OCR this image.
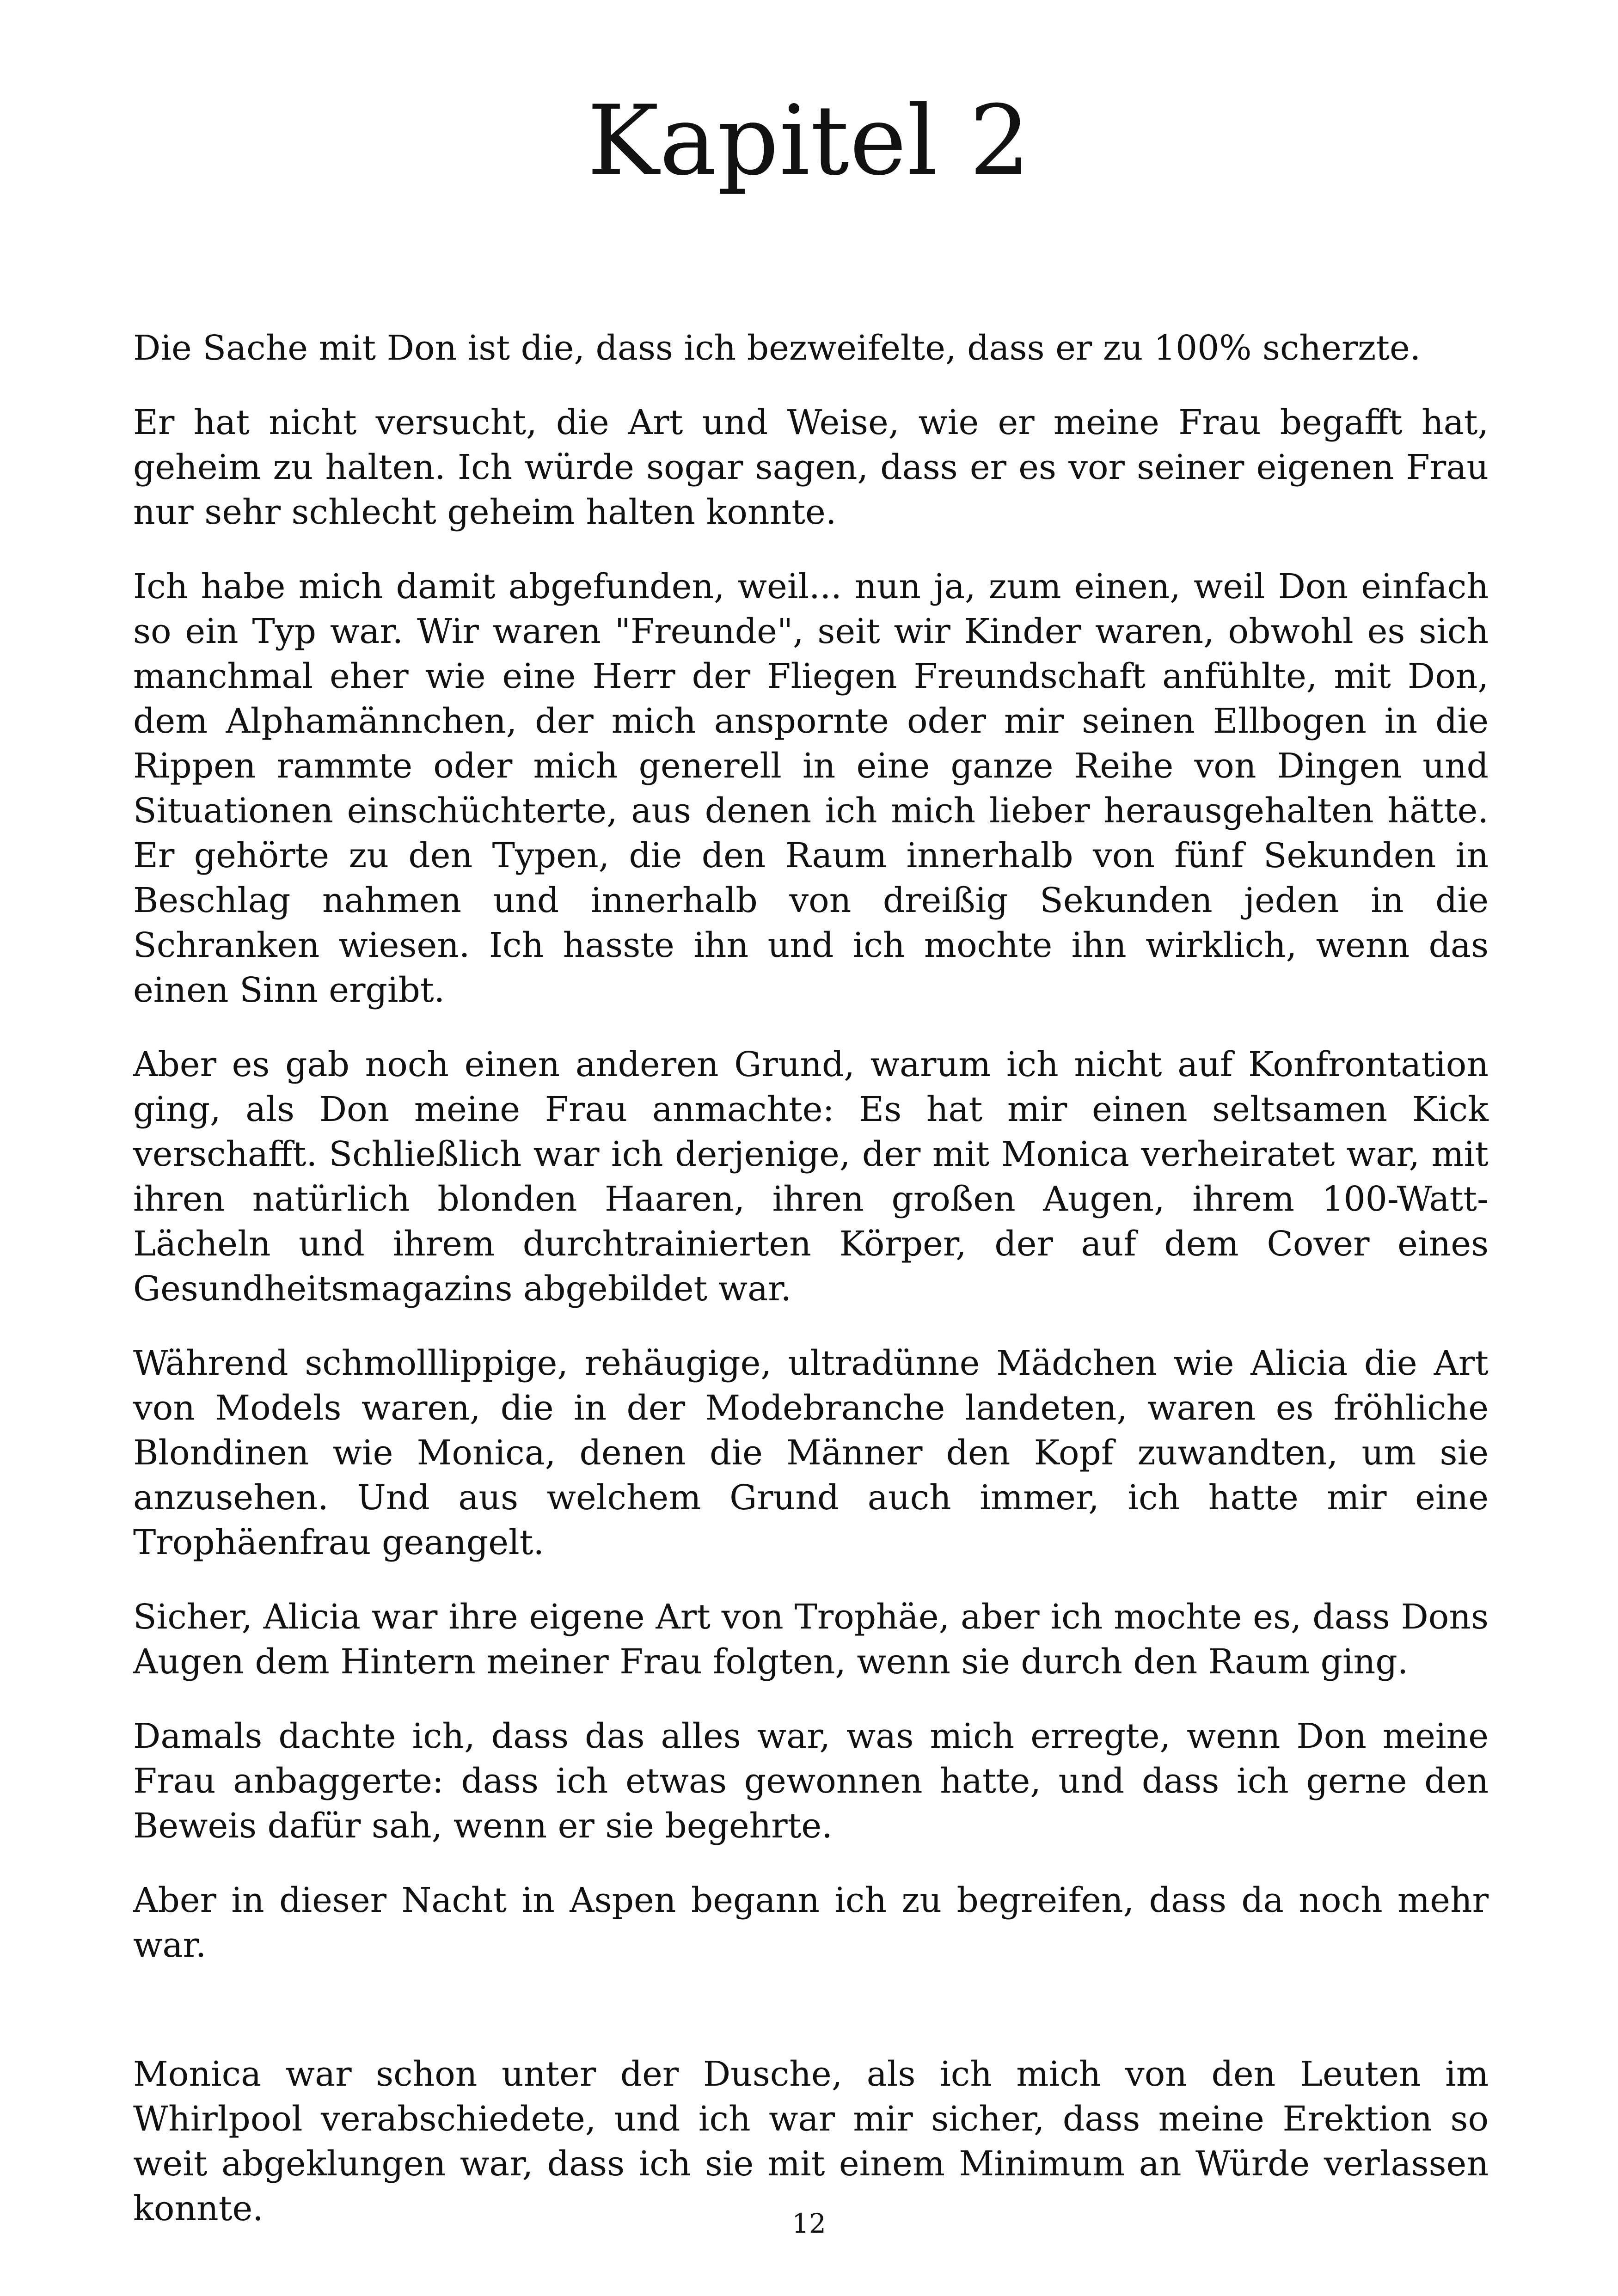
Kapitel 2

Die Sache mit Don ist die, dass ich bezweifelte, dass er zu 100% scherzte.

Er hat nicht versucht, die Art und Weise, wie er meine Frau begafft hat, geheim zu halten. Ich würde sogar sagen, dass er es vor seiner eigenen Frau nur sehr schlecht geheim halten konnte.

Ich habe mich damit abgefunden, weil... nun ja, zum einen, weil Don einfach so ein Typ war. Wir waren "Freunde", seit wir Kinder waren, obwohl es sich manchmal eher wie eine Herr der Fliegen Freundschaft anfühlte, mit Don, dem Alphamännchen, der mich anspornte oder mir seinen Ellbogen in die Rippen rammte oder mich generell in eine ganze Reihe von Dingen und Situationen einschüchterte, aus denen ich mich lieber herausgehalten hätte. Er gehörte zu den Typen, die den Raum innerhalb von fünf Sekunden in Beschlag nahmen und innerhalb von dreißig Sekunden jeden in die Schranken wiesen. Ich hasste ihn und ich mochte ihn wirklich, wenn das einen Sinn ergibt.

Aber es gab noch einen anderen Grund, warum ich nicht auf Konfrontation ging, als Don meine Frau anmachte: Es hat mir einen seltsamen Kick verschafft. Schließlich war ich derjenige, der mit Monica verheiratet war, mit ihren natürlich blonden Haaren, ihren großen Augen, ihrem 100-Watt-Lächeln und ihrem durchtrainierten Körper, der auf dem Cover eines Gesundheitsmagazins abgebildet war.

Während schmolllippige, rehäugige, ultradünne Mädchen wie Alicia die Art von Models waren, die in der Modebranche landeten, waren es fröhliche Blondinen wie Monica, denen die Männer den Kopf zuwandten, um sie anzusehen. Und aus welchem Grund auch immer, ich hatte mir eine Trophäenfrau geangelt.

Sicher, Alicia war ihre eigene Art von Trophäe, aber ich mochte es, dass Dons Augen dem Hintern meiner Frau folgten, wenn sie durch den Raum ging.

Damals dachte ich, dass das alles war, was mich erregte, wenn Don meine Frau anbaggerte: dass ich etwas gewonnen hatte, und dass ich gerne den Beweis dafür sah, wenn er sie begehrte.

Aber in dieser Nacht in Aspen begann ich zu begreifen, dass da noch mehr war.

Monica war schon unter der Dusche, als ich mich von den Leuten im Whirlpool verabschiedete, und ich war mir sicher, dass meine Erektion so weit abgeklungen war, dass ich sie mit einem Minimum an Würde verlassen konnte.	12
